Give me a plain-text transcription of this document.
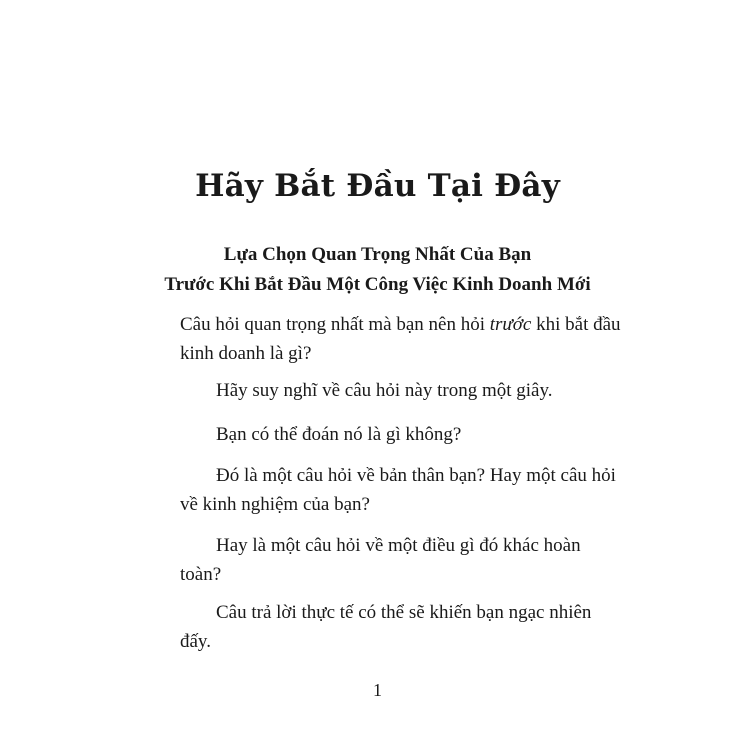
Hãy Bắt Đầu Tại Đây
Lựa Chọn Quan Trọng Nhất Của Bạn
Trước Khi Bắt Đầu Một Công Việc Kinh Doanh Mới
Câu hỏi quan trọng nhất mà bạn nên hỏi trước khi bắt đầu
kinh doanh là gì?
Hãy suy nghĩ về câu hỏi này trong một giây.
Bạn có thể đoán nó là gì không?
Đó là một câu hỏi về bản thân bạn? Hay một câu hỏi
về kinh nghiệm của bạn?
Hay là một câu hỏi về một điều gì đó khác hoàn
toàn?
Câu trả lời thực tế có thể sẽ khiến bạn ngạc nhiên
đấy.
1
